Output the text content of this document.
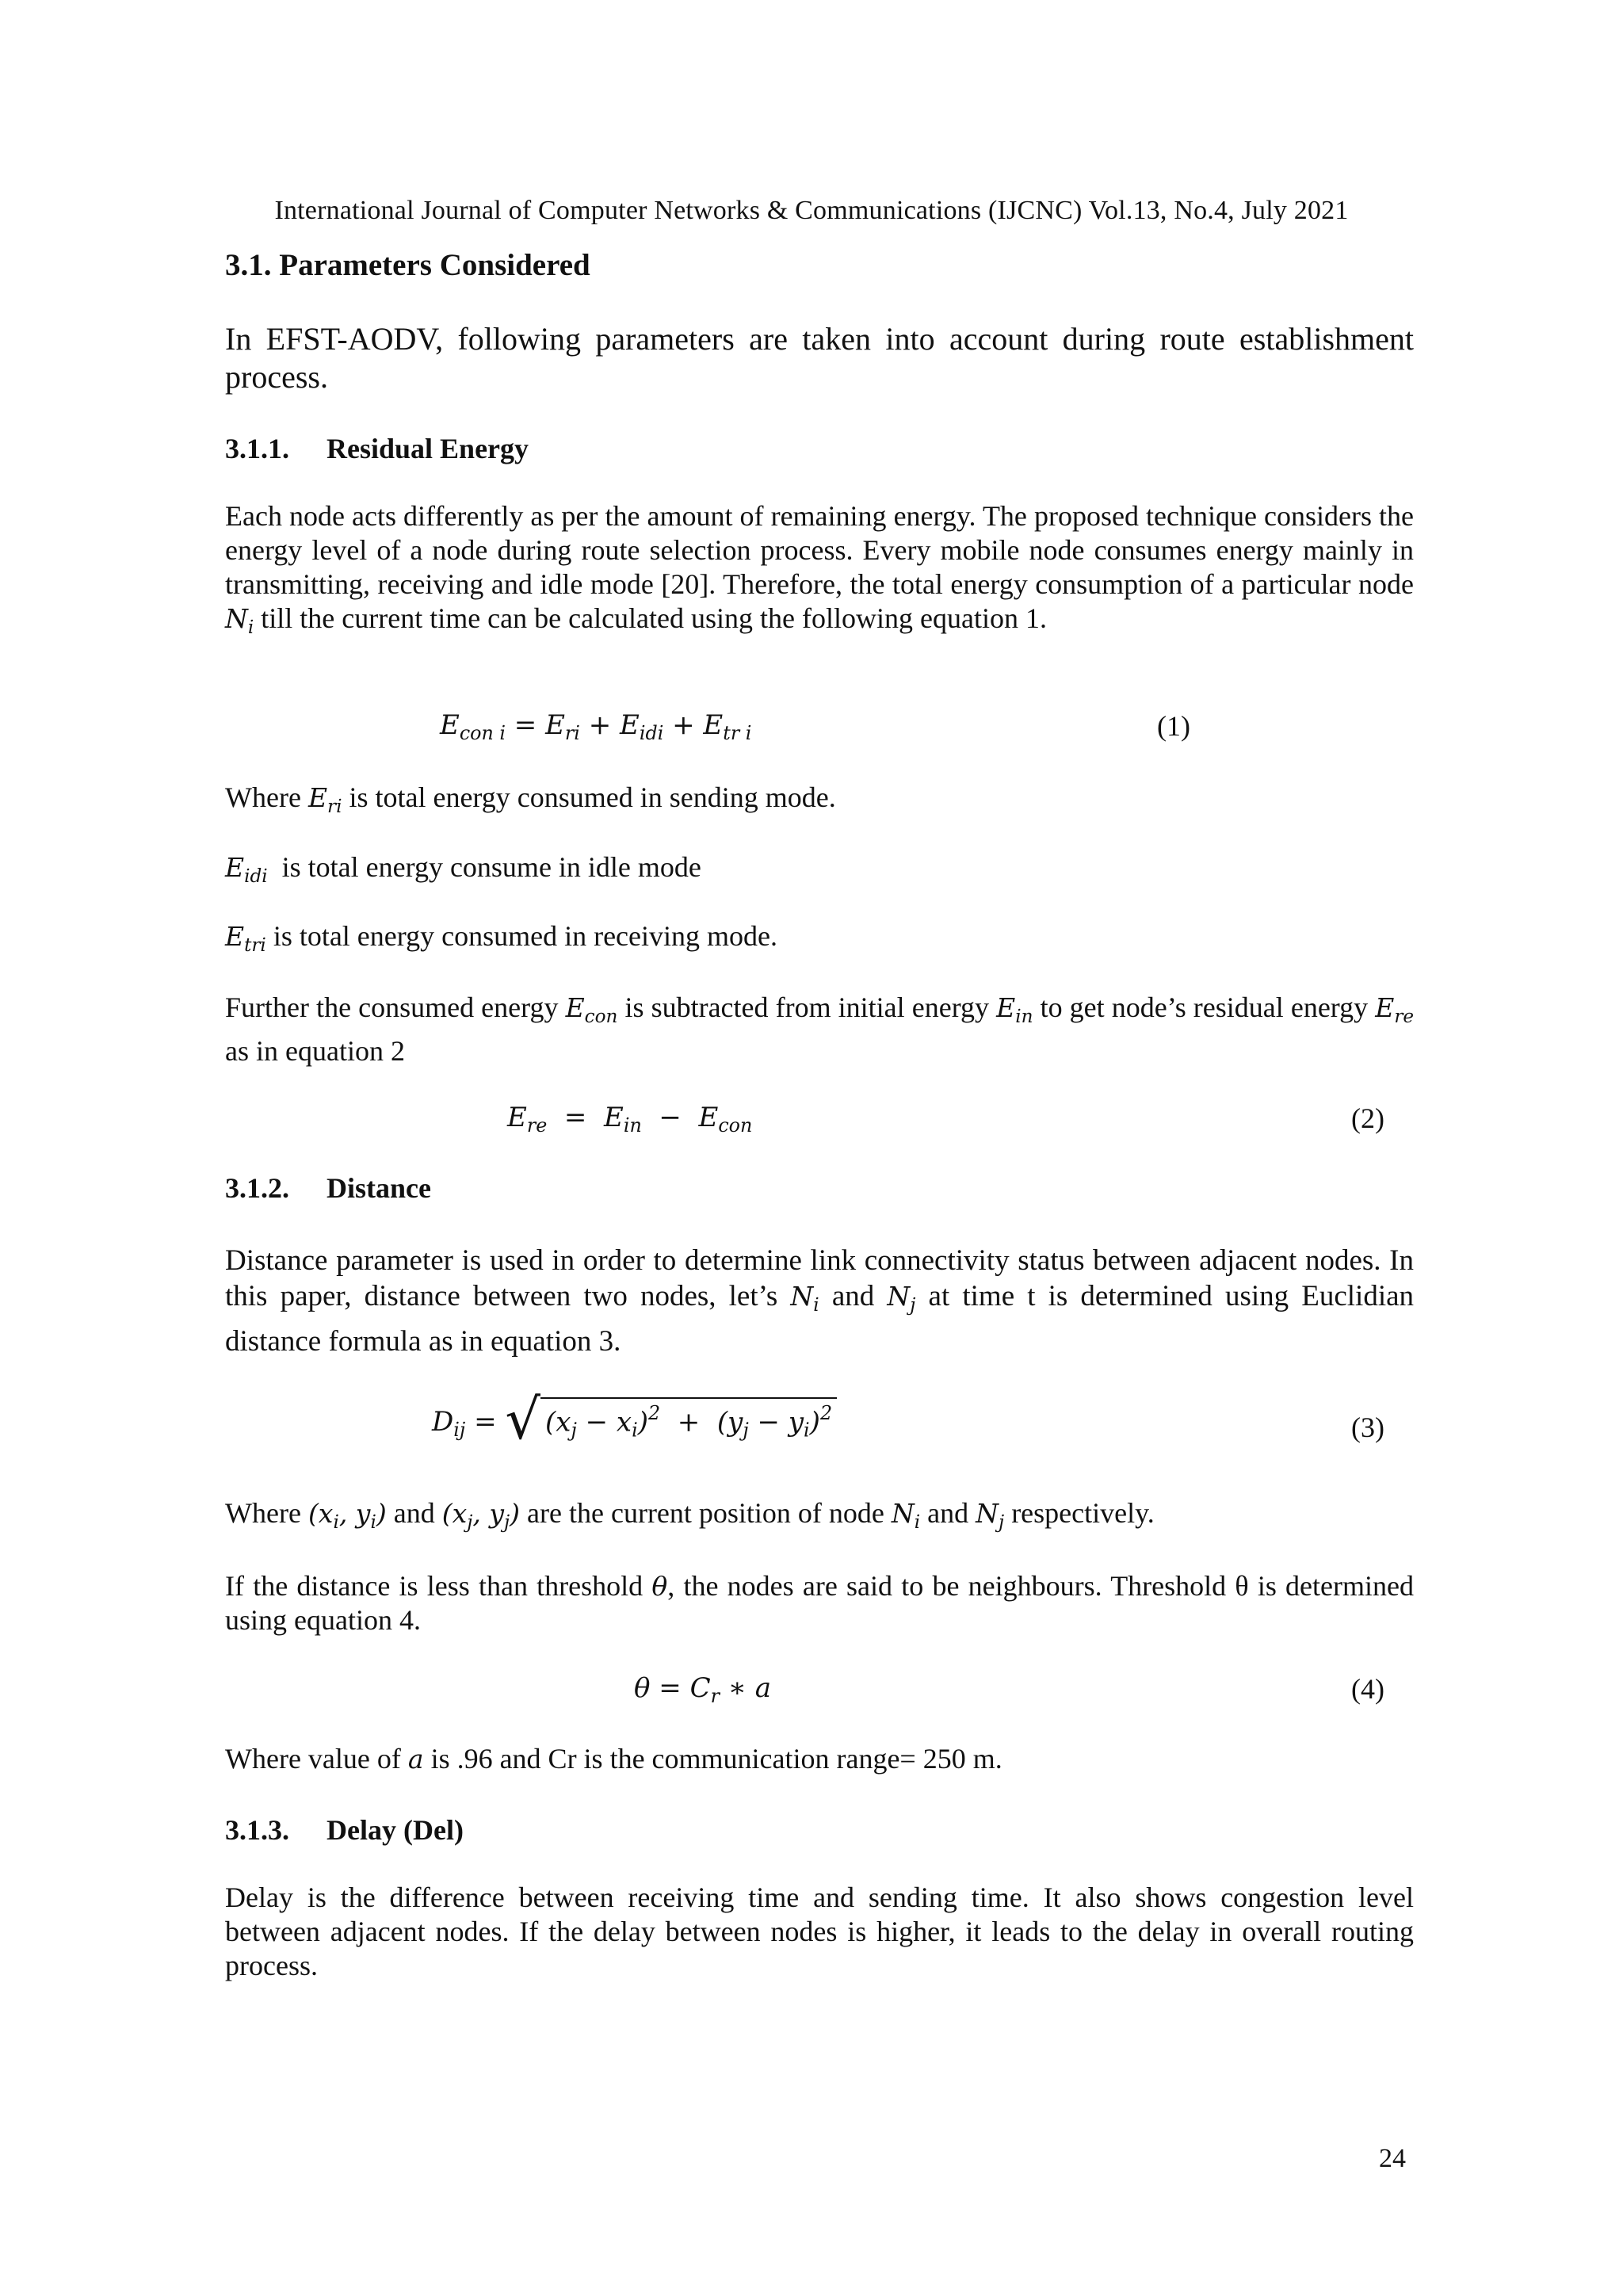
International Journal of Computer Networks & Communications (IJCNC) Vol.13, No.4, July 2021
3.1. Parameters Considered

In EFST-AODV, following parameters are taken into account during route establishment process.

3.1.1. Residual Energy

Each node acts differently as per the amount of remaining energy. The proposed technique considers the energy level of a node during route selection process. Every mobile node consumes energy mainly in transmitting, receiving and idle mode [20]. Therefore, the total energy consumption of a particular node $N_i$ till the current time can be calculated using the following equation 1.

$E_{con i} = E_{ri} + E_{idi} + E_{tr i}$	(1)
Where $E_{ri}$ is total energy consumed in sending mode.
$E_{idi}$ is total energy consume in idle mode
$E_{tri}$ is total energy consumed in receiving mode.

Further the consumed energy $E_{con}$ is subtracted from initial energy $E_{in}$ to get node’s residual energy $E_{re}$ as in equation 2

$E_{re} = E_{in} - E_{con}$	(2)
3.1.2. Distance

Distance parameter is used in order to determine link connectivity status between adjacent nodes. In this paper, distance between two nodes, let’s $N_i$ and $N_j$ at time t is determined using Euclidian distance formula as in equation 3.

$D_{ij}$ = √ $(x_j - x_i)^2 + (y_j - y_i)^2$	(3)
Where ($x_i$, $y_i$) and ($x_j$, $y_j$) are the current position of node $N_i$ and $N_j$ respectively.

If the distance is less than threshold θ, the nodes are said to be neighbours. Threshold θ is determined using equation 4.

$\theta = C_r$ ∗ a	(4)
Where value of a is .96 and Cr is the communication range= 250 m.
3.1.3. Delay (Del)

Delay is the difference between receiving time and sending time. It also shows congestion level between adjacent nodes. If the delay between nodes is higher, it leads to the delay in overall routing process.

24
